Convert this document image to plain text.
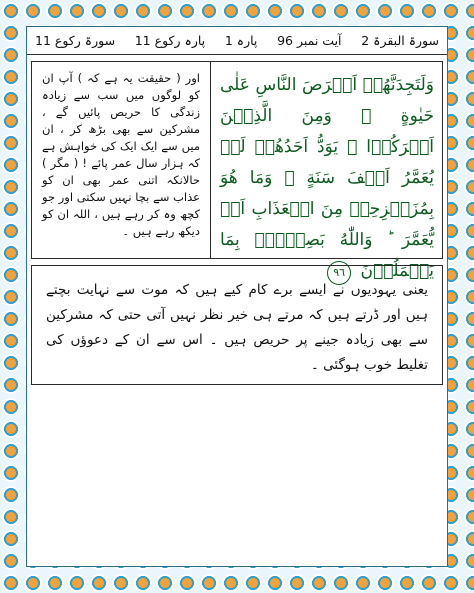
سورۃ البقرۃ 2
آیت نمبر 96
پارہ 1
پارہ رکوع 11
سورۃ رکوع 11
وَلَتَجِدَنَّهُمۡ اَحۡرَصَ النَّاسِ عَلٰى حَيٰوةٍ ۚ وَمِنَ الَّذِيۡنَ اَشۡرَكُوۡا ۚ يَوَدُّ اَحَدُهُمۡ لَوۡ يُعَمَّرُ اَلۡفَ سَنَةٍ ۚ وَمَا هُوَ بِمُزَحۡزِحِهٖ مِنَ الۡعَذَابِ اَنۡ يُّعَمَّرَ ؕ وَاللّٰهُ بَصِيۡرٌۢ بِمَا يَعۡمَلُوۡنَ ٩٦
اور ( حقیقت یہ ہے کہ ) آپ ان کو لوگوں میں سب سے زیادہ زندگی کا حریص پائیں گے ، مشرکین سے بھی بڑھ کر ، ان میں سے ایک ایک کی خواہش ہے کہ ہزار سال عمر پائے ! ( مگر ) حالانکہ اتنی عمر بھی ان کو عذاب سے بچا نہیں سکتی اور جو کچھ وہ کر رہے ہیں ، اللہ ان کو دیکھ رہے ہیں ۔
یعنی یہودیوں نے ایسے برے کام کیے ہیں کہ موت سے نہایت بچتے ہیں اور ڈرتے ہیں کہ مرتے ہی خیر نظر نہیں آتی حتی کہ مشرکین سے بھی زیادہ جینے پر حریص ہیں ۔ اس سے ان کے دعوؤں کی تغلیط خوب ہوگئی ۔
